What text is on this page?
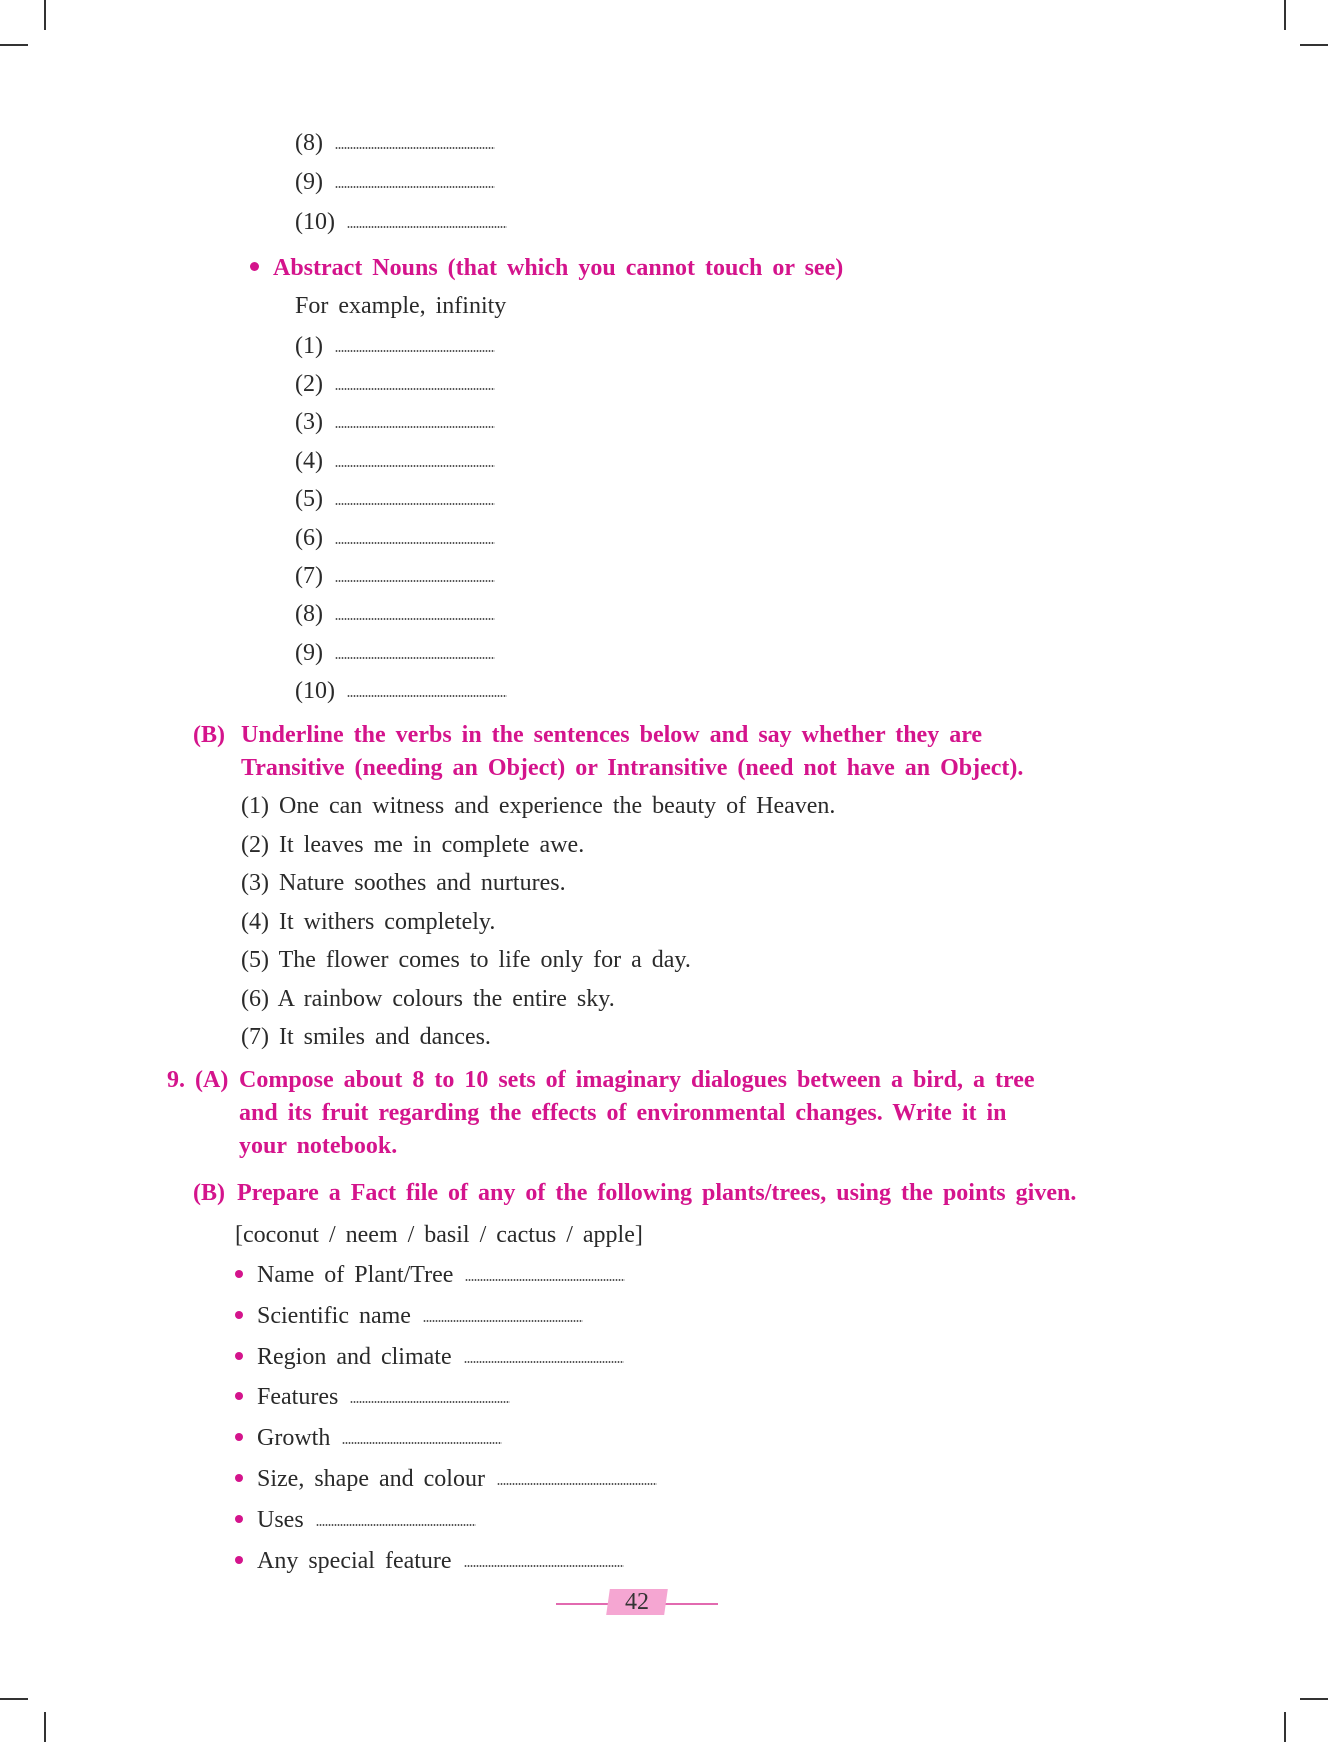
(8)
(9)
(10)
Abstract Nouns (that which you cannot touch or see)
For example, infinity
(1)
(2)
(3)
(4)
(5)
(6)
(7)
(8)
(9)
(10)
(B) Underline the verbs in the sentences below and say whether they are
Transitive (needing an Object) or Intransitive (need not have an Object).
(1) One can witness and experience the beauty of Heaven.
(2) It leaves me in complete awe.
(3) Nature soothes and nurtures.
(4) It withers completely.
(5) The flower comes to life only for a day.
(6) A rainbow colours the entire sky.
(7) It smiles and dances.
9. (A) Compose about 8 to 10 sets of imaginary dialogues between a bird, a tree
and its fruit regarding the effects of environmental changes. Write it in
your notebook.
(B) Prepare a Fact file of any of the following plants/trees, using the points given.
[coconut / neem / basil / cactus / apple]
Name of Plant/Tree
Scientific name
Region and climate
Features
Growth
Size, shape and colour
Uses
Any special feature
42
